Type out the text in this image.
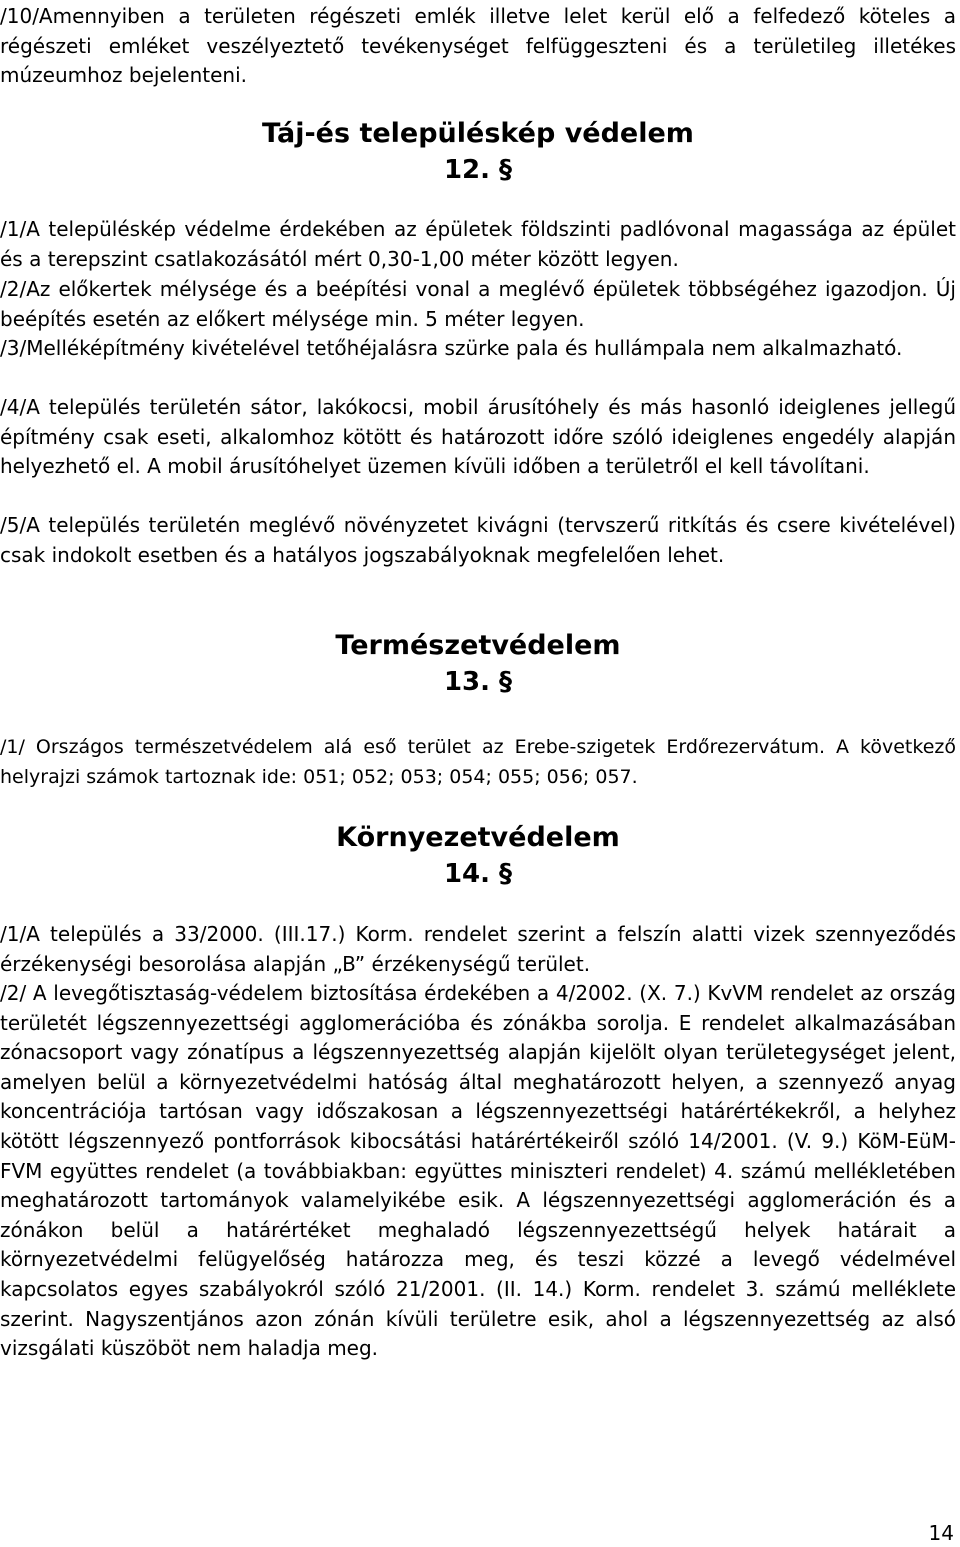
/10/Amennyiben a területen régészeti emlék illetve lelet kerül elő a felfedező köteles a régészeti emléket veszélyeztető tevékenységet felfüggeszteni és a területileg illetékes múzeumhoz bejelenteni.

Táj-és településkép védelem
12. §

/1/A településkép védelme érdekében az épületek földszinti padlóvonal magassága az épület és a terepszint csatlakozásától mért 0,30-1,00 méter között legyen.

/2/Az előkertek mélysége és a beépítési vonal a meglévő épületek többségéhez igazodjon. Új beépítés esetén az előkert mélysége min. 5 méter legyen.

/3/Melléképítmény kivételével tetőhéjalásra szürke pala és hullámpala nem alkalmazható.

/4/A település területén sátor, lakókocsi, mobil árusítóhely és más hasonló ideiglenes jellegű építmény csak eseti, alkalomhoz kötött és határozott időre szóló ideiglenes engedély alapján helyezhető el. A mobil árusítóhelyet üzemen kívüli időben a területről el kell távolítani.

/5/A település területén meglévő növényzetet kivágni (tervszerű ritkítás és csere kivételével) csak indokolt esetben és a hatályos jogszabályoknak megfelelően lehet.

Természetvédelem
13. §

/1/ Országos természetvédelem alá eső terület az Erebe-szigetek Erdőrezervátum. A következő helyrajzi számok tartoznak ide: 051; 052; 053; 054; 055; 056; 057.

Környezetvédelem
14. §

/1/A település a 33/2000. (III.17.) Korm. rendelet szerint a felszín alatti vizek szennyeződés érzékenységi besorolása alapján „B” érzékenységű terület.

/2/ A levegőtisztaság-védelem biztosítása érdekében a 4/2002. (X. 7.) KvVM rendelet az ország területét légszennyezettségi agglomerációba és zónákba sorolja. E rendelet alkalmazásában zónacsoport vagy zónatípus a légszennyezettség alapján kijelölt olyan területegységet jelent, amelyen belül a környezetvédelmi hatóság által meghatározott helyen, a szennyező anyag koncentrációja tartósan vagy időszakosan a légszennyezettségi határértékekről, a helyhez kötött légszennyező pontforrások kibocsátási határértékeiről szóló 14/2001. (V. 9.) KöM-EüM-FVM együttes rendelet (a továbbiakban: együttes miniszteri rendelet) 4. számú mellékletében meghatározott tartományok valamelyikébe esik. A légszennyezettségi agglomeráción és a zónákon belül a határértéket meghaladó légszennyezettségű helyek határait a környezetvédelmi felügyelőség határozza meg, és teszi közzé a levegő védelmével kapcsolatos egyes szabályokról szóló 21/2001. (II. 14.) Korm. rendelet 3. számú melléklete szerint. Nagyszentjános azon zónán kívüli területre esik, ahol a légszennyezettség az alsó vizsgálati küszöböt nem haladja meg.

14
